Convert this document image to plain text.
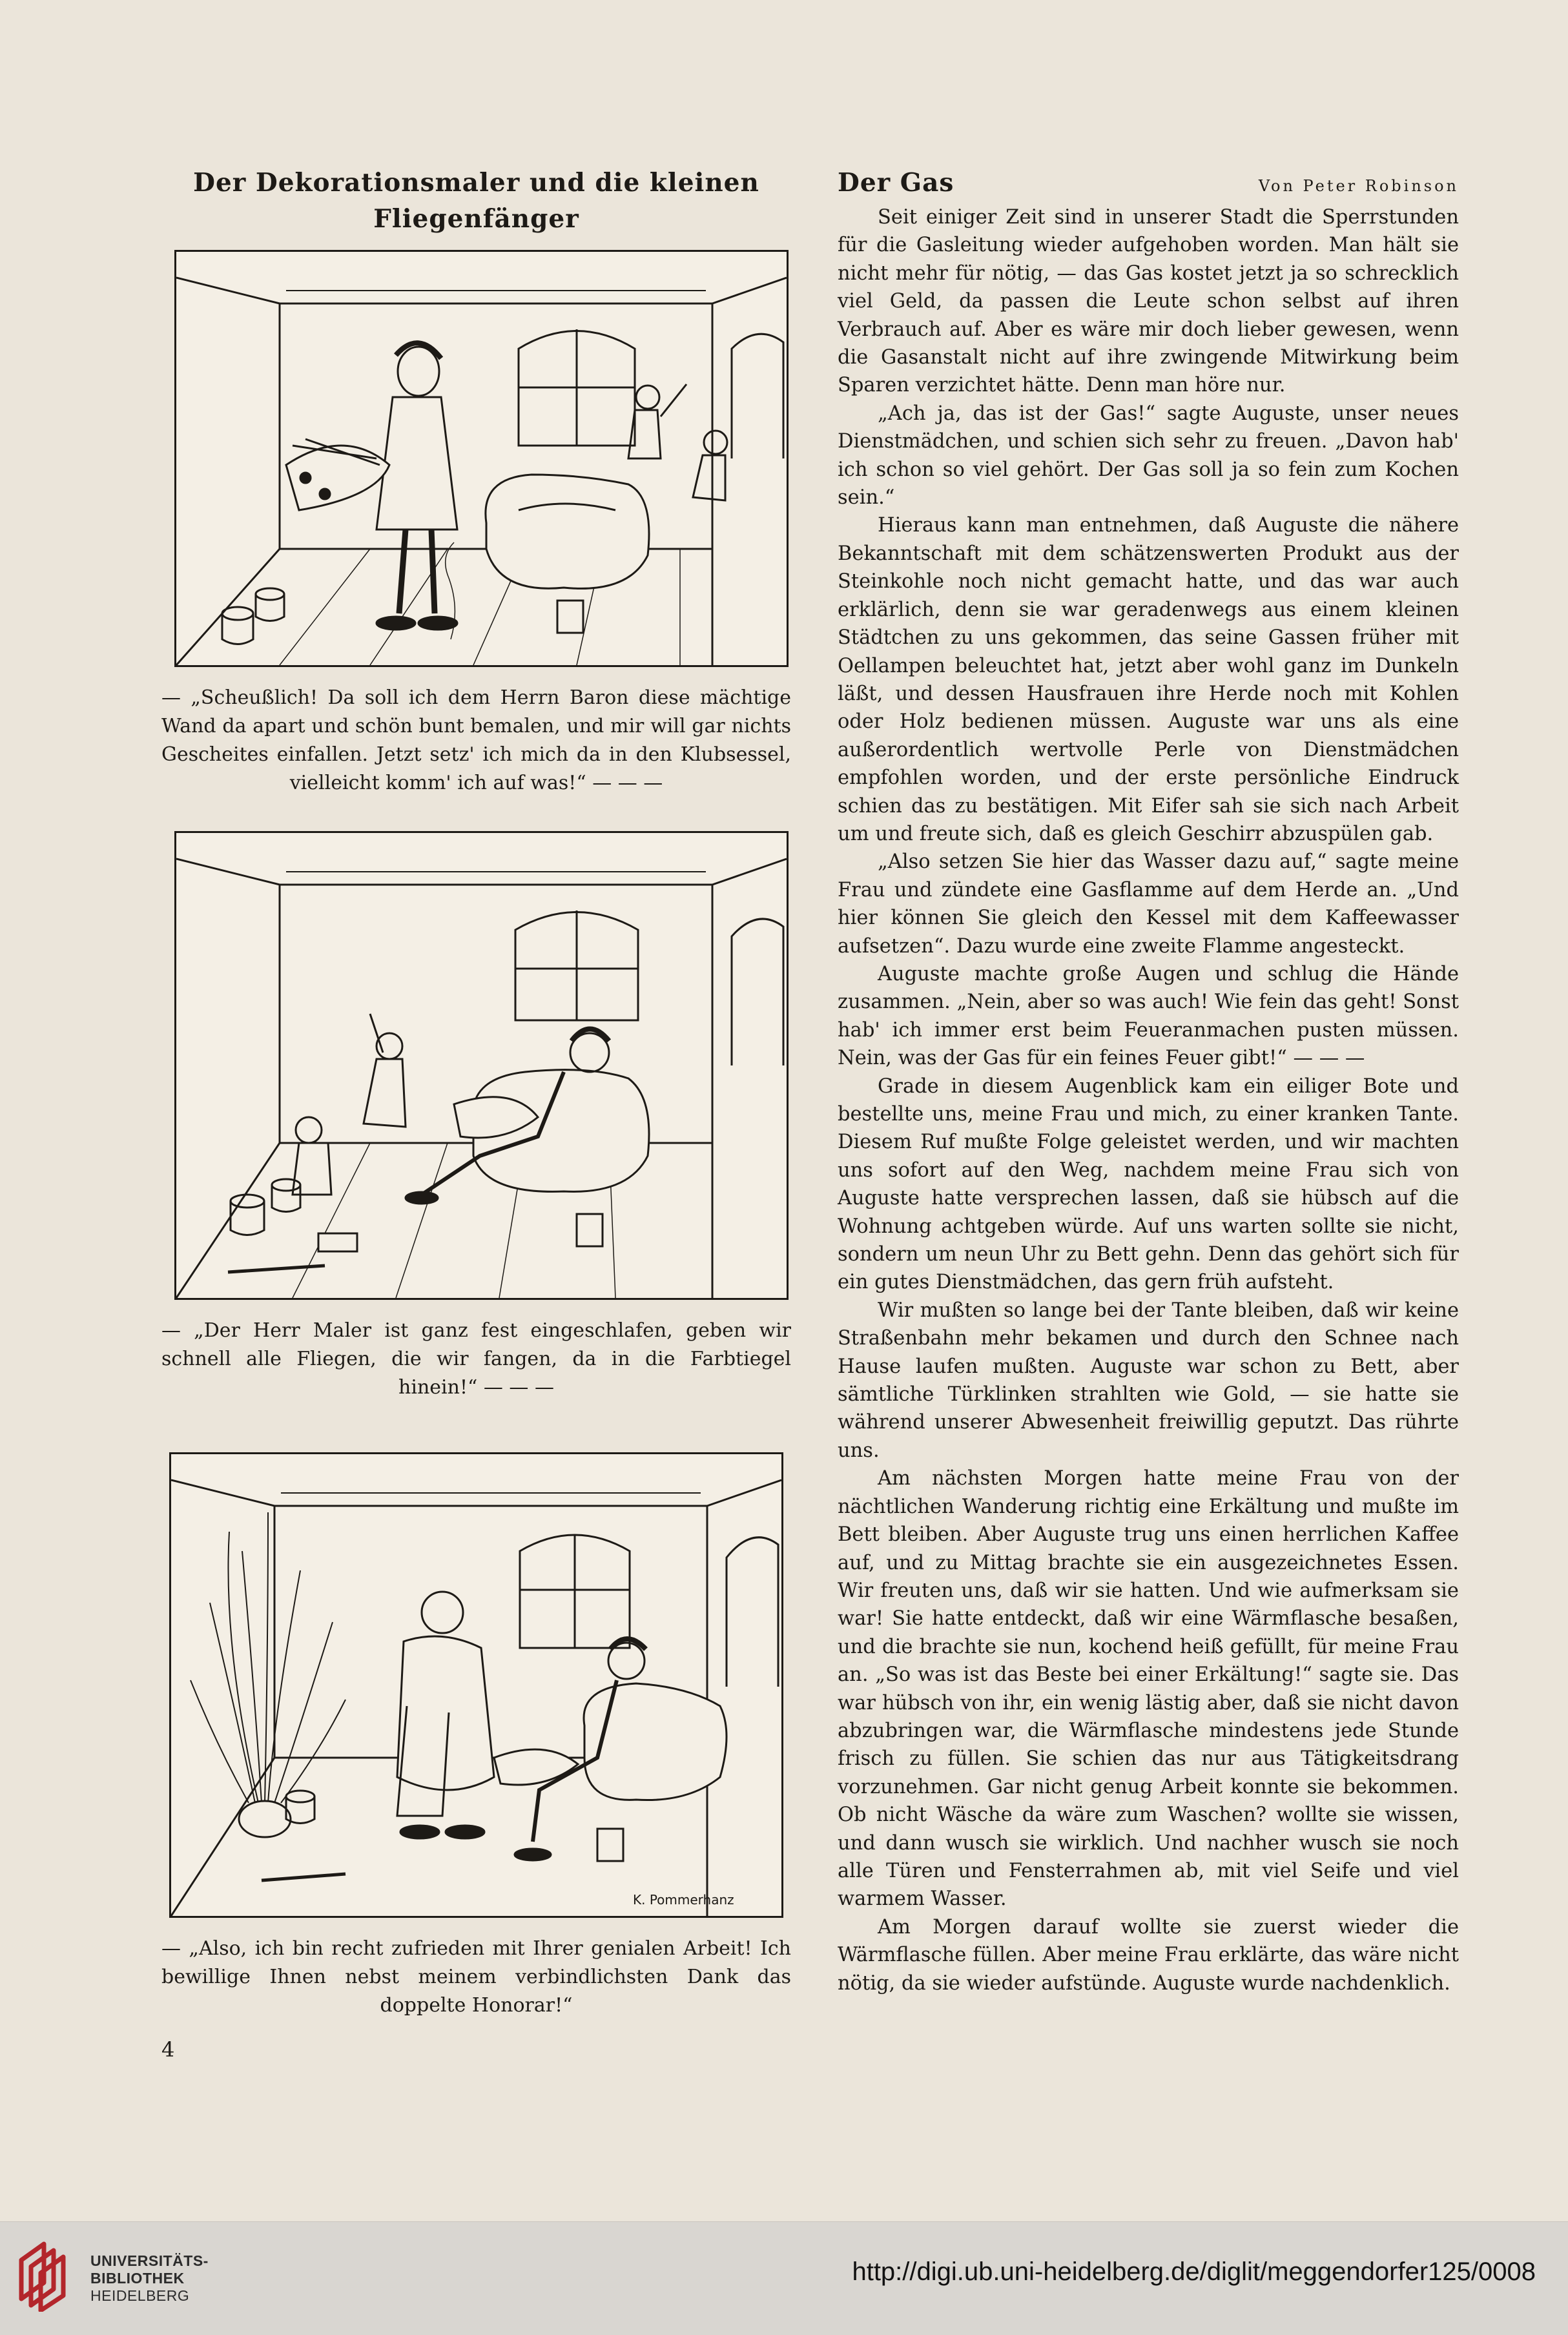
Der Dekorationsmaler und die kleinen
Fliegenfänger
— „Scheußlich! Da soll ich dem Herrn Baron diese mächtige Wand da apart und schön bunt bemalen, und mir will gar nichts Gescheites einfallen. Jetzt setz' ich mich da in den Klubsessel, vielleicht komm' ich auf was!“ — — —
— „Der Herr Maler ist ganz fest eingeschlafen, geben wir schnell alle Fliegen, die wir fangen, da in die Farbtiegel hinein!“ — — —
K. Pommerhanz
— „Also, ich bin recht zufrieden mit Ihrer genialen Arbeit! Ich bewillige Ihnen nebst meinem verbindlichsten Dank das doppelte Honorar!“
Der Gas	Von Peter Robinson

Seit einiger Zeit sind in unserer Stadt die Sperrstunden für die Gasleitung wieder aufgehoben worden. Man hält sie nicht mehr für nötig, — das Gas kostet jetzt ja so schrecklich viel Geld, da passen die Leute schon selbst auf ihren Verbrauch auf. Aber es wäre mir doch lieber gewesen, wenn die Gasanstalt nicht auf ihre zwingende Mitwirkung beim Sparen verzichtet hätte. Denn man höre nur.

„Ach ja, das ist der Gas!“ sagte Auguste, unser neues Dienstmädchen, und schien sich sehr zu freuen. „Davon hab' ich schon so viel gehört. Der Gas soll ja so fein zum Kochen sein.“

Hieraus kann man entnehmen, daß Auguste die nähere Bekanntschaft mit dem schätzenswerten Produkt aus der Steinkohle noch nicht gemacht hatte, und das war auch erklärlich, denn sie war geradenwegs aus einem kleinen Städtchen zu uns gekommen, das seine Gassen früher mit Oellampen beleuchtet hat, jetzt aber wohl ganz im Dunkeln läßt, und dessen Hausfrauen ihre Herde noch mit Kohlen oder Holz bedienen müssen. Auguste war uns als eine außerordentlich wertvolle Perle von Dienstmädchen empfohlen worden, und der erste persönliche Eindruck schien das zu bestätigen. Mit Eifer sah sie sich nach Arbeit um und freute sich, daß es gleich Geschirr abzuspülen gab.

„Also setzen Sie hier das Wasser dazu auf,“ sagte meine Frau und zündete eine Gasflamme auf dem Herde an. „Und hier können Sie gleich den Kessel mit dem Kaffeewasser aufsetzen“. Dazu wurde eine zweite Flamme angesteckt.

Auguste machte große Augen und schlug die Hände zusammen. „Nein, aber so was auch! Wie fein das geht! Sonst hab' ich immer erst beim Feueranmachen pusten müssen. Nein, was der Gas für ein feines Feuer gibt!“ — — —

Grade in diesem Augenblick kam ein eiliger Bote und bestellte uns, meine Frau und mich, zu einer kranken Tante. Diesem Ruf mußte Folge geleistet werden, und wir machten uns sofort auf den Weg, nachdem meine Frau sich von Auguste hatte versprechen lassen, daß sie hübsch auf die Wohnung achtgeben würde. Auf uns warten sollte sie nicht, sondern um neun Uhr zu Bett gehn. Denn das gehört sich für ein gutes Dienstmädchen, das gern früh aufsteht.

Wir mußten so lange bei der Tante bleiben, daß wir keine Straßenbahn mehr bekamen und durch den Schnee nach Hause laufen mußten. Auguste war schon zu Bett, aber sämtliche Türklinken strahlten wie Gold, — sie hatte sie während unserer Abwesenheit freiwillig geputzt. Das rührte uns.

Am nächsten Morgen hatte meine Frau von der nächtlichen Wanderung richtig eine Erkältung und mußte im Bett bleiben. Aber Auguste trug uns einen herrlichen Kaffee auf, und zu Mittag brachte sie ein ausgezeichnetes Essen. Wir freuten uns, daß wir sie hatten. Und wie aufmerksam sie war! Sie hatte entdeckt, daß wir eine Wärmflasche besaßen, und die brachte sie nun, kochend heiß gefüllt, für meine Frau an. „So was ist das Beste bei einer Erkältung!“ sagte sie. Das war hübsch von ihr, ein wenig lästig aber, daß sie nicht davon abzubringen war, die Wärmflasche mindestens jede Stunde frisch zu füllen. Sie schien das nur aus Tätigkeitsdrang vorzunehmen. Gar nicht genug Arbeit konnte sie bekommen. Ob nicht Wäsche da wäre zum Waschen? wollte sie wissen, und dann wusch sie wirklich. Und nachher wusch sie noch alle Türen und Fensterrahmen ab, mit viel Seife und viel warmem Wasser.

Am Morgen darauf wollte sie zuerst wieder die Wärmflasche füllen. Aber meine Frau erklärte, das wäre nicht nötig, da sie wieder aufstünde. Auguste wurde nachdenklich.

4
UNIVERSITÄTS-
BIBLIOTHEK
HEIDELBERG
http://digi.ub.uni-heidelberg.de/diglit/meggendorfer125/0008
